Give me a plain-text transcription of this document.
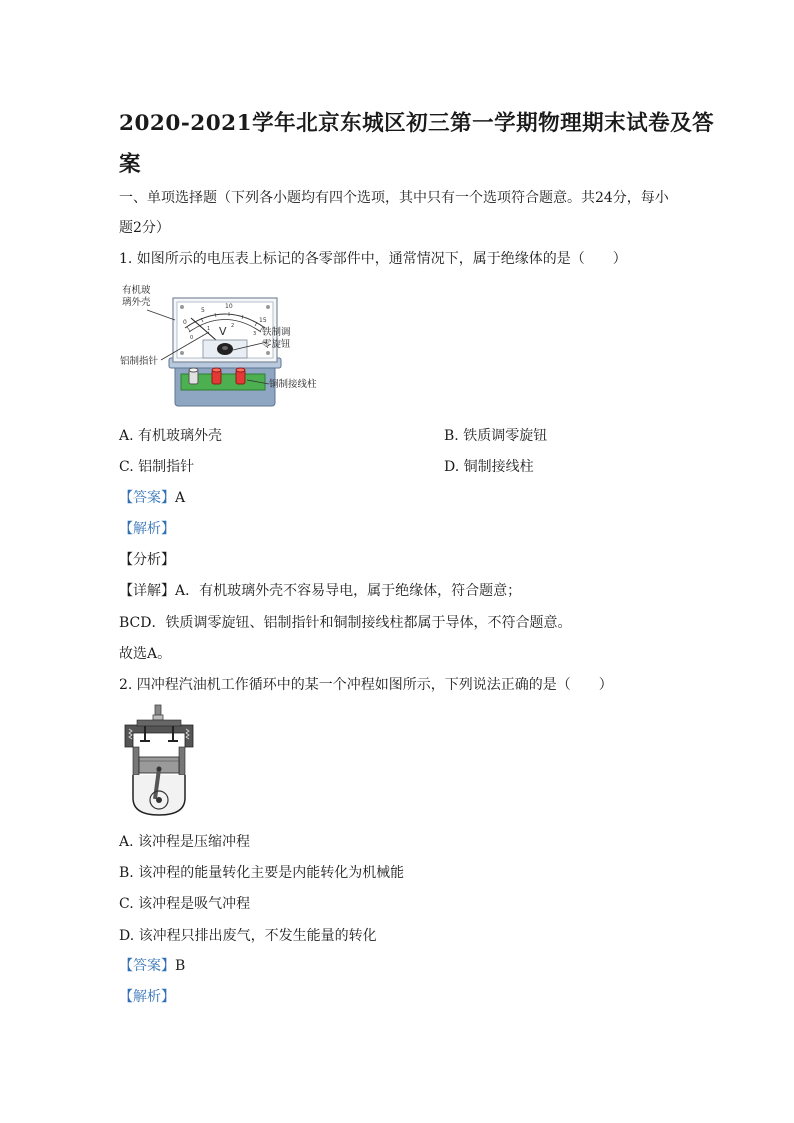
2020-2021学年北京东城区初三第一学期物理期末试卷及答
案
一、单项选择题（下列各小题均有四个选项，其中只有一个选项符合题意。共24分，每小
题2分）
1. 如图所示的电压表上标记的各零部件中，通常情况下，属于绝缘体的是（　　）
0
5
10
15
0
1	2
3
V
有机玻
璃外壳
铁制调
零旋钮
铝制指针
铜制接线柱
A. 有机玻璃外壳	B. 铁质调零旋钮
C. 铝制指针	D. 铜制接线柱
【答案】A
【解析】
【分析】
【详解】A．有机玻璃外壳不容易导电，属于绝缘体，符合题意；
BCD．铁质调零旋钮、铝制指针和铜制接线柱都属于导体，不符合题意。
故选A。
2. 四冲程汽油机工作循环中的某一个冲程如图所示，下列说法正确的是（　　）
A. 该冲程是压缩冲程
B. 该冲程的能量转化主要是内能转化为机械能
C. 该冲程是吸气冲程
D. 该冲程只排出废气，不发生能量的转化
【答案】B
【解析】
